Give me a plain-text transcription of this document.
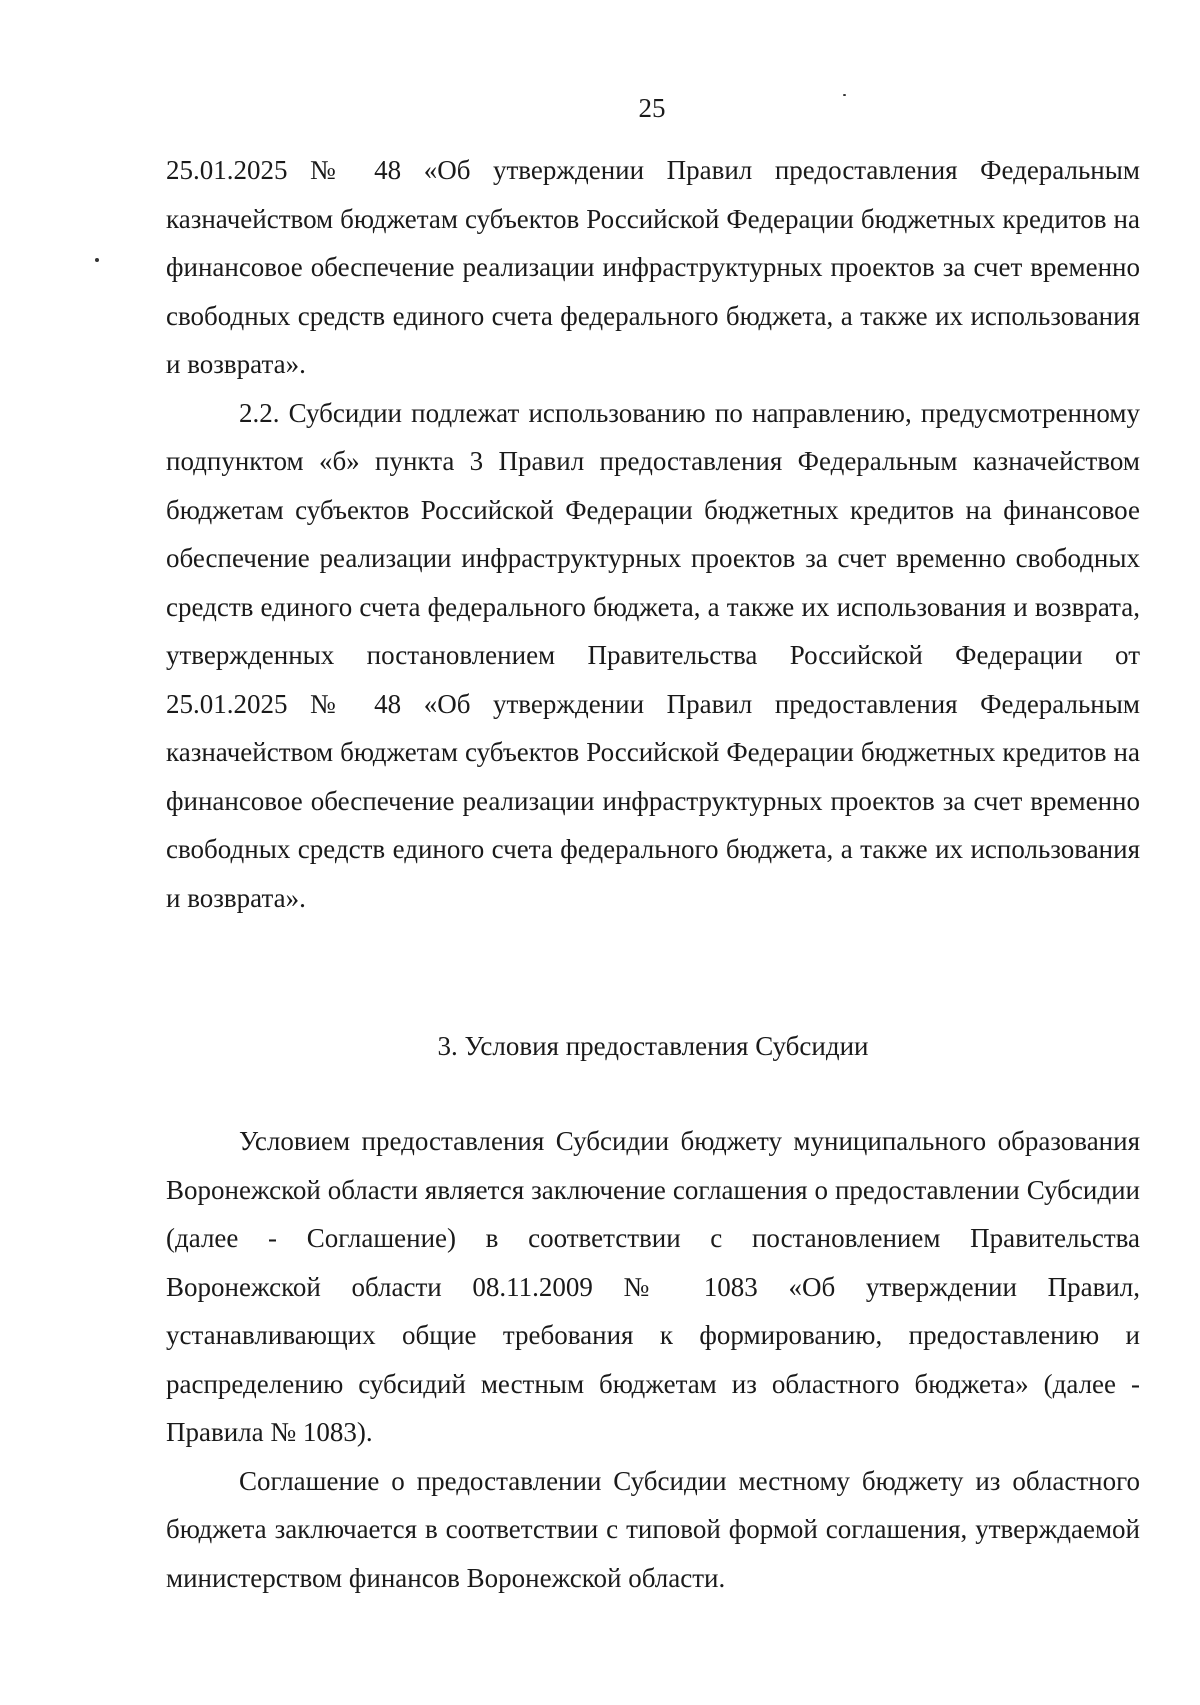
25

25.01.2025 № 48 «Об утверждении Правил предоставления Федеральным казначейством бюджетам субъектов Российской Федерации бюджетных кредитов на финансовое обеспечение реализации инфраструктурных проектов за счет временно свободных средств единого счета федерального бюджета, а также их использования и возврата».

2.2. Субсидии подлежат использованию по направлению, предусмотренному подпунктом «б» пункта 3 Правил предоставления Федеральным казначейством бюджетам субъектов Российской Федерации бюджетных кредитов на финансовое обеспечение реализации инфраструктурных проектов за счет временно свободных средств единого счета федерального бюджета, а также их использования и возврата, утвержденных постановлением Правительства Российской Федерации от 25.01.2025 № 48 «Об утверждении Правил предоставления Федеральным казначейством бюджетам субъектов Российской Федерации бюджетных кредитов на финансовое обеспечение реализации инфраструктурных проектов за счет временно свободных средств единого счета федерального бюджета, а также их использования и возврата».

3. Условия предоставления Субсидии

Условием предоставления Субсидии бюджету муниципального образования Воронежской области является заключение соглашения о предоставлении Субсидии (далее - Соглашение) в соответствии с постановлением Правительства Воронежской области 08.11.2009 № 1083 «Об утверждении Правил, устанавливающих общие требования к формированию, предоставлению и распределению субсидий местным бюджетам из областного бюджета» (далее - Правила № 1083).

Соглашение о предоставлении Субсидии местному бюджету из областного бюджета заключается в соответствии с типовой формой соглашения, утверждаемой министерством финансов Воронежской области.
